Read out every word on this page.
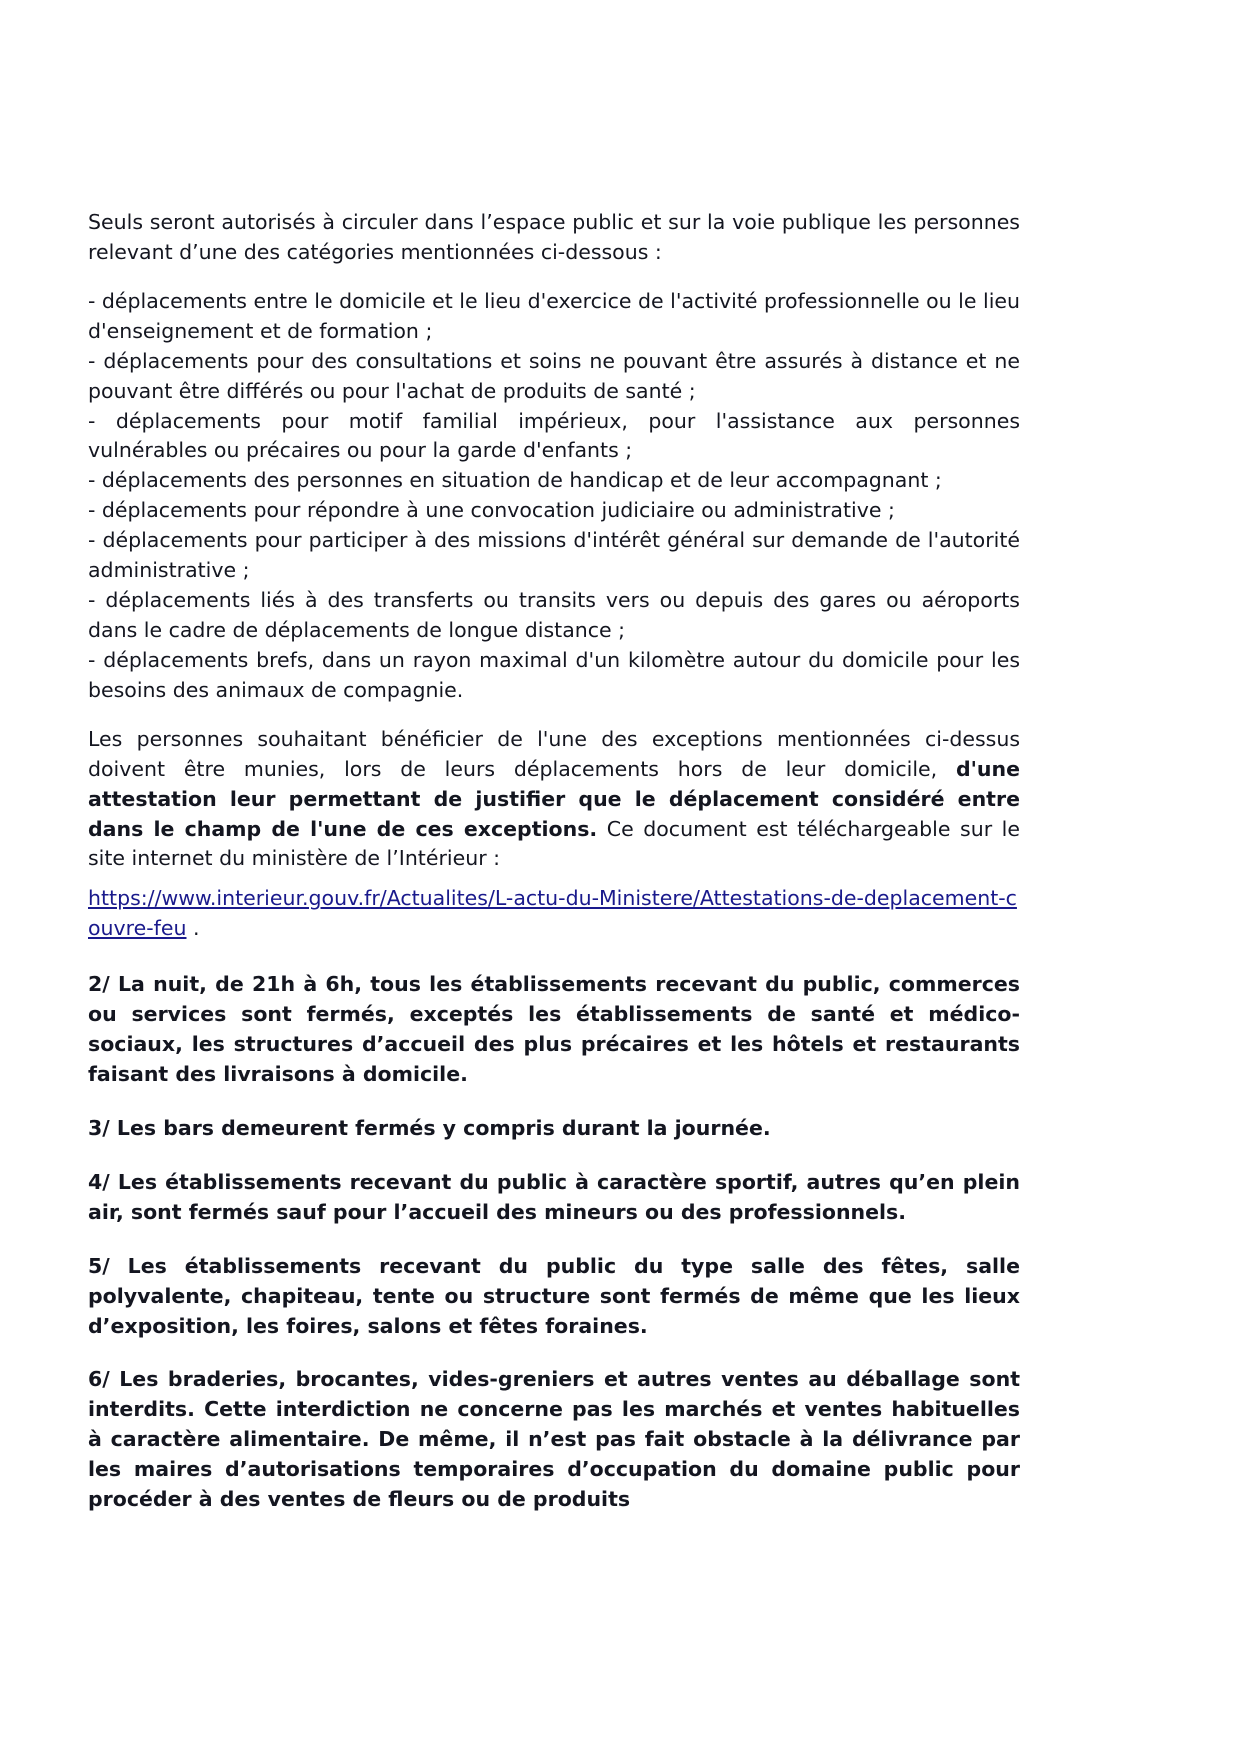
Seuls seront autorisés à circuler dans l’espace public et sur la voie publique les personnes relevant d’une des catégories mentionnées ci-dessous :

- déplacements entre le domicile et le lieu d'exercice de l'activité professionnelle ou le lieu d'enseignement et de formation ;

- déplacements pour des consultations et soins ne pouvant être assurés à distance et ne pouvant être différés ou pour l'achat de produits de santé ;

- déplacements pour motif familial impérieux, pour l'assistance aux personnes vulnérables ou précaires ou pour la garde d'enfants ;

- déplacements des personnes en situation de handicap et de leur accompagnant ;

- déplacements pour répondre à une convocation judiciaire ou administrative ;

- déplacements pour participer à des missions d'intérêt général sur demande de l'autorité administrative ;

- déplacements liés à des transferts ou transits vers ou depuis des gares ou aéroports dans le cadre de déplacements de longue distance ;

- déplacements brefs, dans un rayon maximal d'un kilomètre autour du domicile pour les besoins des animaux de compagnie.

Les personnes souhaitant bénéficier de l'une des exceptions mentionnées ci-dessus doivent être munies, lors de leurs déplacements hors de leur domicile, d'une attestation leur permettant de justifier que le déplacement considéré entre dans le champ de l'une de ces exceptions. Ce document est téléchargeable sur le site internet du ministère de l’Intérieur :

https://www.interieur.gouv.fr/Actualites/L-actu-du-Ministere/Attestations-de-deplacement-couvre-feu .

2/ La nuit, de 21h à 6h, tous les établissements recevant du public, commerces ou services sont fermés, exceptés les établissements de santé et médico-sociaux, les structures d’accueil des plus précaires et les hôtels et restaurants faisant des livraisons à domicile.

3/ Les bars demeurent fermés y compris durant la journée.

4/ Les établissements recevant du public à caractère sportif, autres qu’en plein air, sont fermés sauf pour l’accueil des mineurs ou des professionnels.

5/ Les établissements recevant du public du type salle des fêtes, salle polyvalente, chapiteau, tente ou structure sont fermés de même que les lieux d’exposition, les foires, salons et fêtes foraines.

6/ Les braderies, brocantes, vides-greniers et autres ventes au déballage sont interdits. Cette interdiction ne concerne pas les marchés et ventes habituelles à caractère alimentaire. De même, il n’est pas fait obstacle à la délivrance par les maires d’autorisations temporaires d’occupation du domaine public pour procéder à des ventes de fleurs ou de produits
